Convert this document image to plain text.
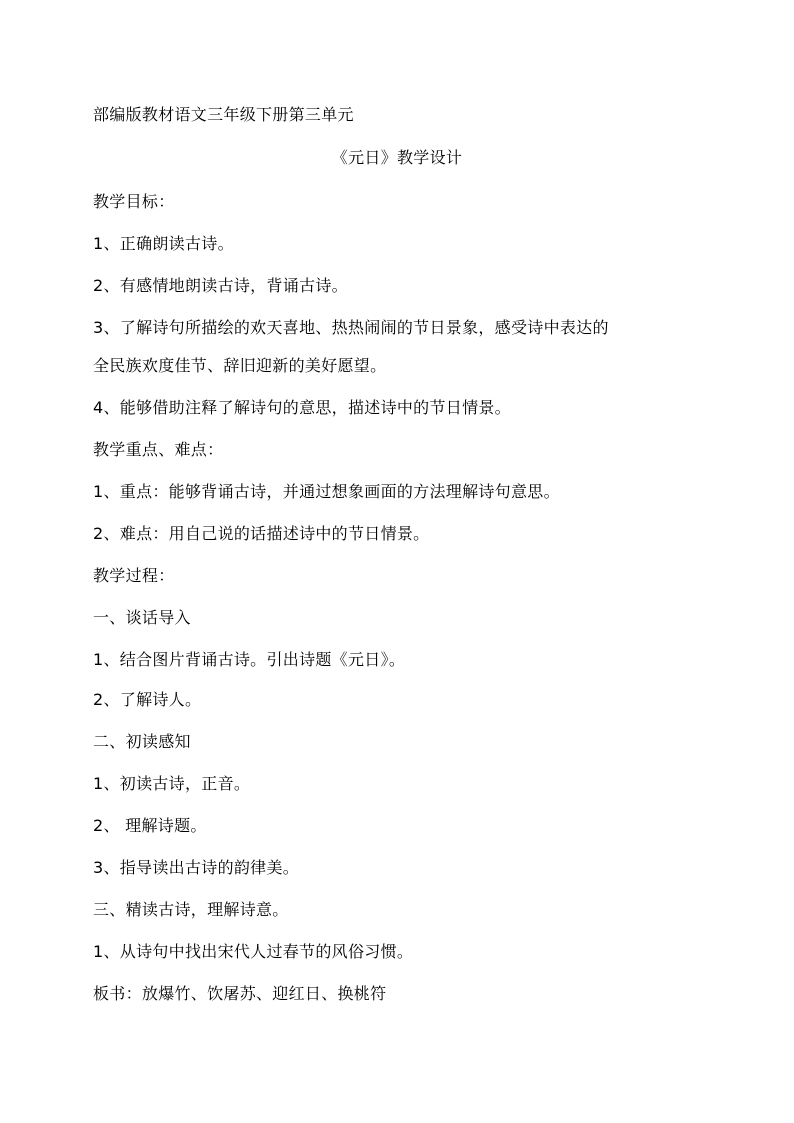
部编版教材语文三年级下册第三单元
《元日》教学设计
教学目标：
1、正确朗读古诗。
2、有感情地朗读古诗，背诵古诗。
3、了解诗句所描绘的欢天喜地、热热闹闹的节日景象，感受诗中表达的
全民族欢度佳节、辞旧迎新的美好愿望。
4、能够借助注释了解诗句的意思，描述诗中的节日情景。
教学重点、难点：
1、重点：能够背诵古诗，并通过想象画面的方法理解诗句意思。
2、难点：用自己说的话描述诗中的节日情景。
教学过程：
一、谈话导入
1、结合图片背诵古诗。引出诗题《元日》。
2、了解诗人。
二、初读感知
1、初读古诗，正音。
2、 理解诗题。
3、指导读出古诗的韵律美。
三、精读古诗，理解诗意。
1、从诗句中找出宋代人过春节的风俗习惯。
板书：放爆竹、饮屠苏、迎红日、换桃符
